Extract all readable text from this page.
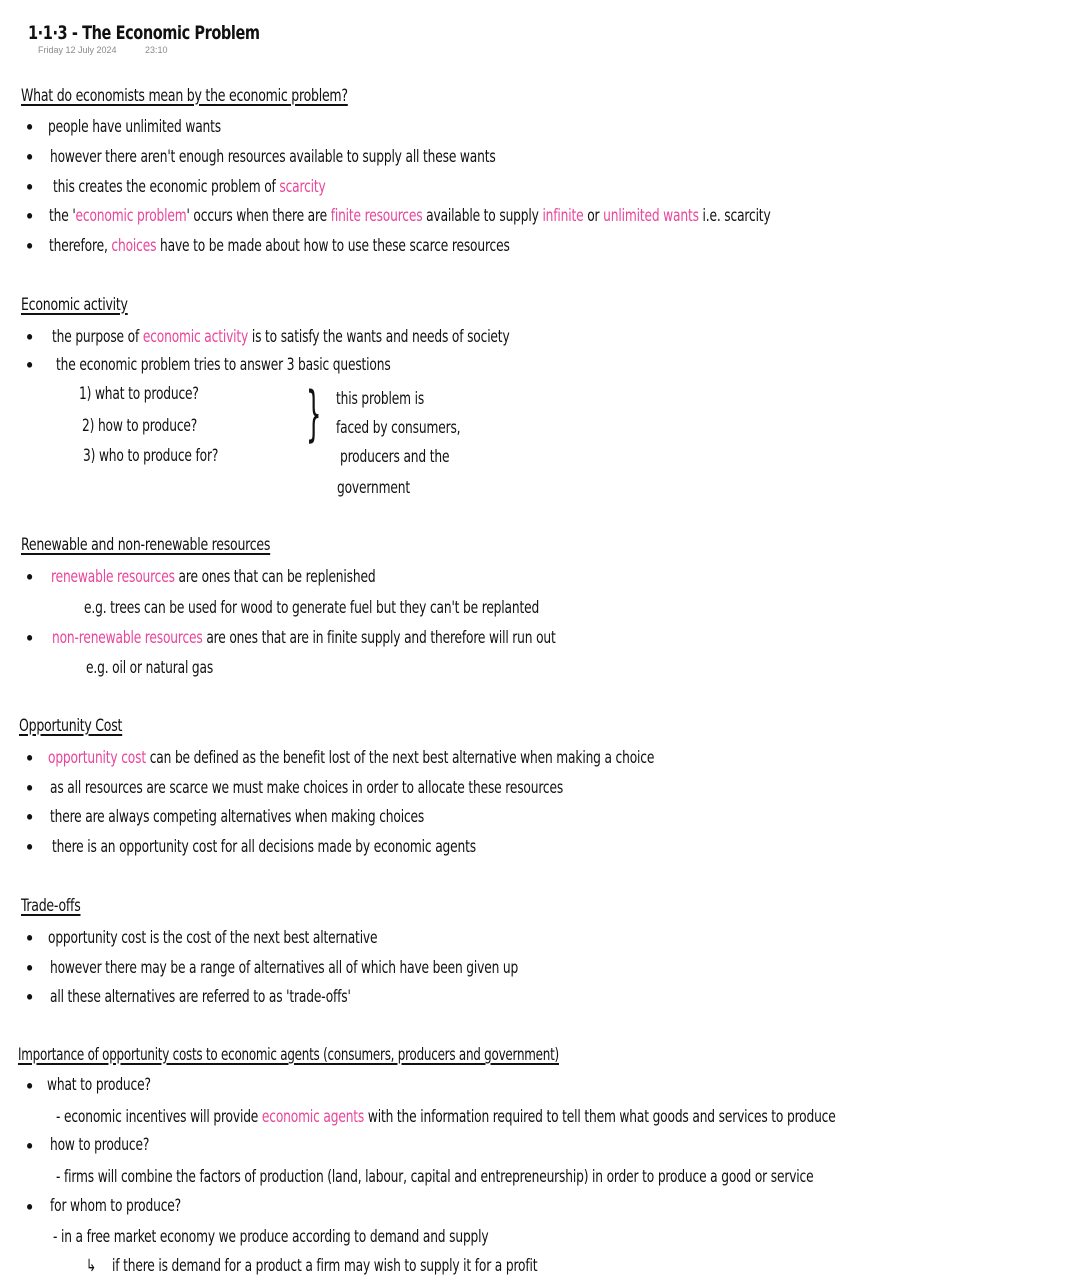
1·1·3 - The Economic Problem
Friday 12 July 2024	23:10
What do economists mean by the economic problem?
• people have unlimited wants
• however there aren't enough resources available to supply all these wants
• this creates the economic problem of scarcity
• the 'economic problem' occurs when there are finite resources available to supply infinite or unlimited wants i.e. scarcity
• therefore, choices have to be made about how to use these scarce resources
Economic activity
• the purpose of economic activity is to satisfy the wants and needs of society
• the economic problem tries to answer 3 basic questions
1) what to produce?
2) how to produce?
3) who to produce for?
} this problem is
faced by consumers,
producers and the
government
Renewable and non-renewable resources
• renewable resources are ones that can be replenished
e.g. trees can be used for wood to generate fuel but they can't be replanted
• non-renewable resources are ones that are in finite supply and therefore will run out
e.g. oil or natural gas
Opportunity Cost
• opportunity cost can be defined as the benefit lost of the next best alternative when making a choice
• as all resources are scarce we must make choices in order to allocate these resources
• there are always competing alternatives when making choices
• there is an opportunity cost for all decisions made by economic agents
Trade-offs
• opportunity cost is the cost of the next best alternative
• however there may be a range of alternatives all of which have been given up
• all these alternatives are referred to as 'trade-offs'
Importance of opportunity costs to economic agents (consumers, producers and government)
• what to produce?
- economic incentives will provide economic agents with the information required to tell them what goods and services to produce
• how to produce?
- firms will combine the factors of production (land, labour, capital and entrepreneurship) in order to produce a good or service
• for whom to produce?
- in a free market economy we produce according to demand and supply
↳ if there is demand for a product a firm may wish to supply it for a profit
